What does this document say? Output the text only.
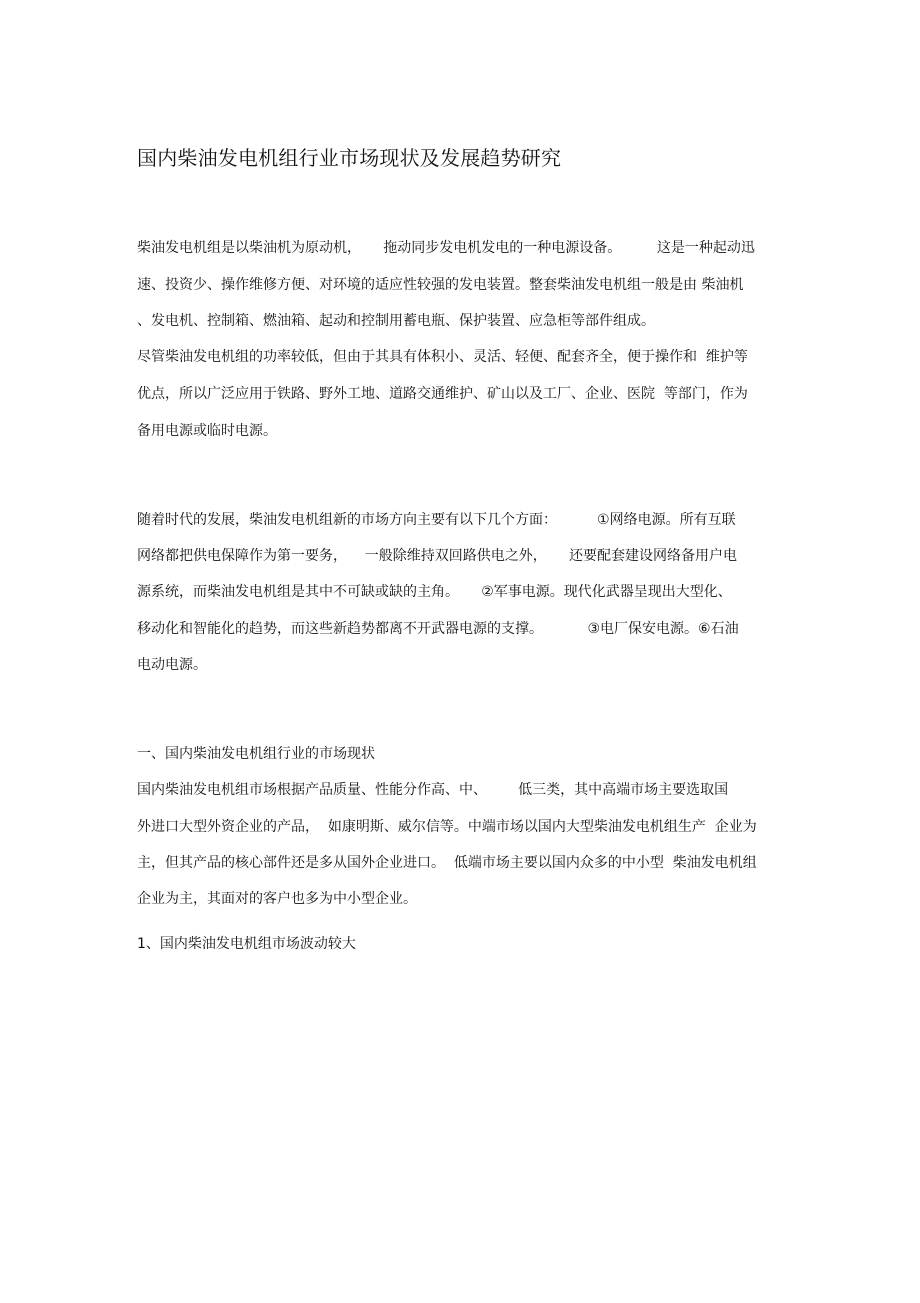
国内柴油发电机组行业市场现状及发展趋势研究

柴油发电机组是以柴油机为原动机，     拖动同步发电机发电的一种电源设备。        这是一种起动迅

速、投资少、操作维修方便、对环境的适应性较强的发电装置。整套柴油发电机组一般是由 柴油机

、发电机、控制箱、燃油箱、起动和控制用蓄电瓶、保护装置、应急柜等部件组成。

尽管柴油发电机组的功率较低，但由于其具有体积小、灵活、轻便、配套齐全，便于操作和  维护等

优点，所以广泛应用于铁路、野外工地、道路交通维护、矿山以及工厂、企业、医院  等部门，作为

备用电源或临时电源。

随着时代的发展，柴油发电机组新的市场方向主要有以下几个方面：         ①网络电源。所有互联

网络都把供电保障作为第一要务，    一般除维持双回路供电之外，     还要配套建设网络备用户电

源系统，而柴油发电机组是其中不可缺或缺的主角。     ②军事电源。现代化武器呈现出大型化、

移动化和智能化的趋势，而这些新趋势都离不开武器电源的支撑。          ③电厂保安电源。⑥石油

电动电源。

一、国内柴油发电机组行业的市场现状

国内柴油发电机组市场根据产品质量、性能分作高、中、       低三类，其中高端市场主要选取国

外进口大型外资企业的产品，  如康明斯、威尔信等。中端市场以国内大型柴油发电机组生产  企业为

主，但其产品的核心部件还是多从国外企业进口。  低端市场主要以国内众多的中小型  柴油发电机组

企业为主，其面对的客户也多为中小型企业。

1、国内柴油发电机组市场波动较大
